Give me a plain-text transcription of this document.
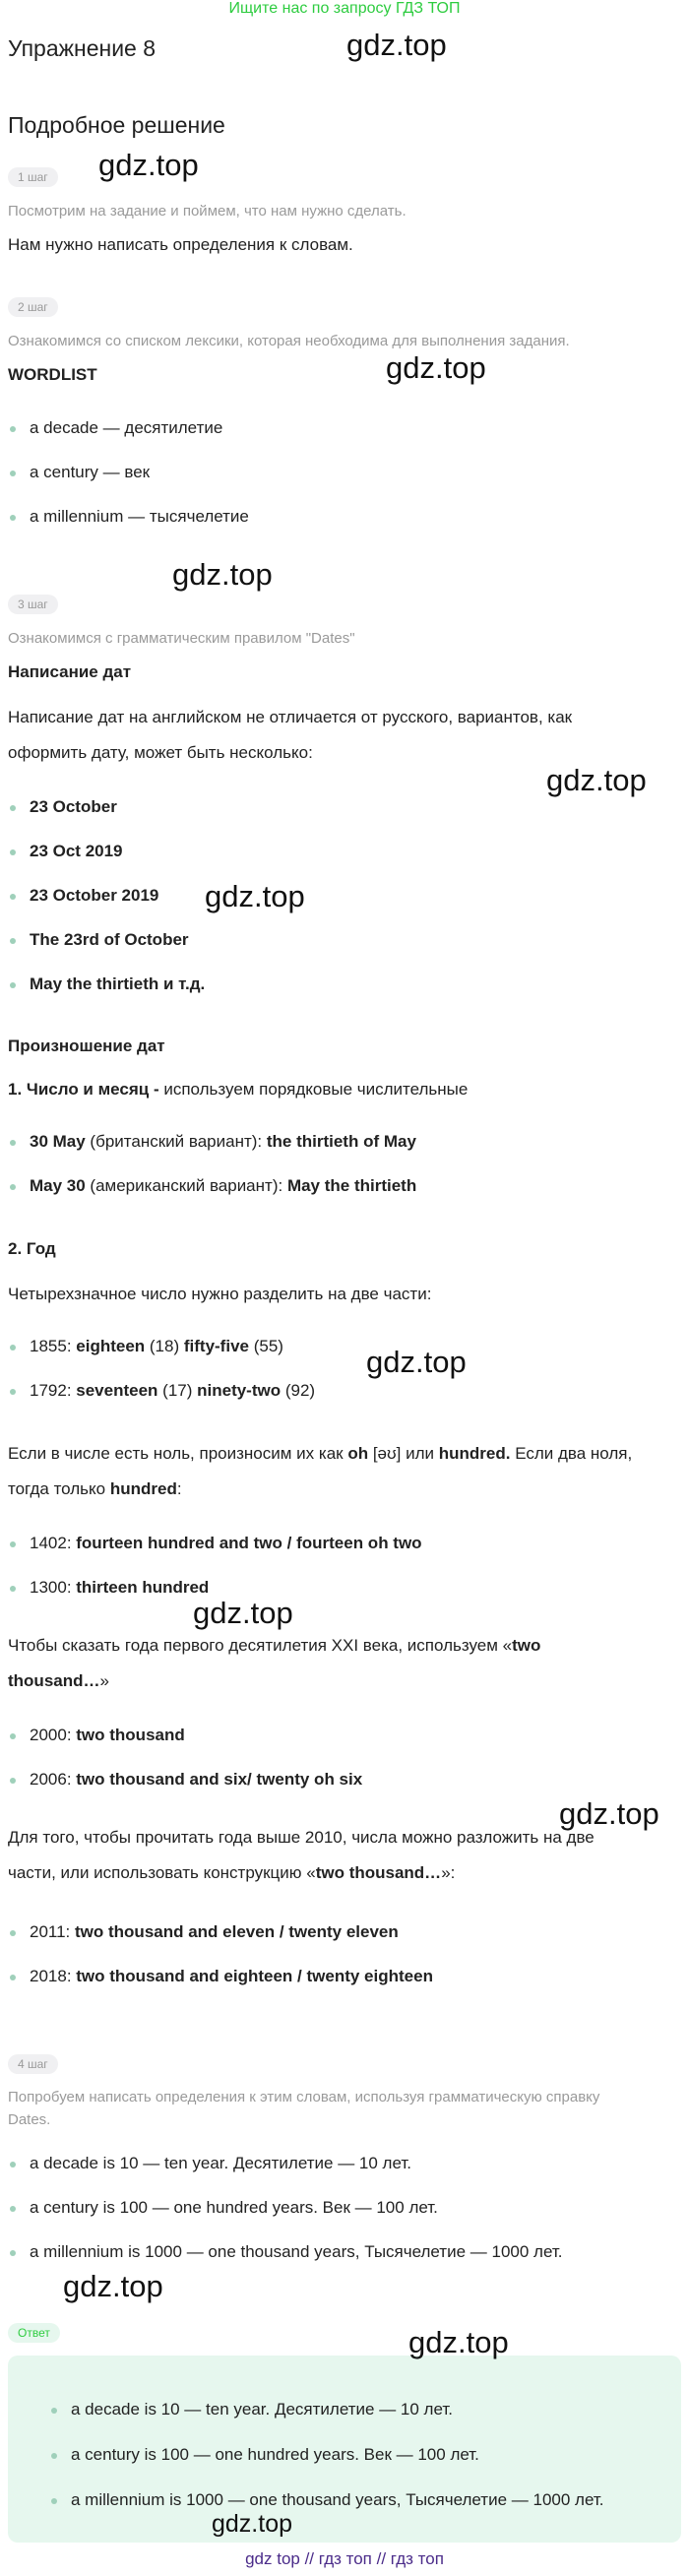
Ищите нас по запросу ГДЗ ТОП
Упражнение 8
Подробное решение
1 шаг
Посмотрим на задание и поймем, что нам нужно сделать.
Нам нужно написать определения к словам.
2 шаг
Ознакомимся со списком лексики, которая необходима для выполнения задания.
WORDLIST
a decade — десятилетие
a century — век
a millennium — тысячелетие
3 шаг
Ознакомимся с грамматическим правилом "Dates"
Написание дат
Написание дат на английском не отличается от русского, вариантов, как
оформить дату, может быть несколько:
23 October
23 Oct 2019
23 October 2019
The 23rd of October
May the thirtieth и т.д.
Произношение дат
1. Число и месяц - используем порядковые числительные
30 May (британский вариант): the thirtieth of May
May 30 (американский вариант): May the thirtieth
2. Год
Четырехзначное число нужно разделить на две части:
1855: eighteen (18) fifty-five (55)
1792: seventeen (17) ninety-two (92)
Если в числе есть ноль, произносим их как oh [əʊ] или hundred. Если два ноля,
тогда только hundred:
1402: fourteen hundred and two / fourteen oh two
1300: thirteen hundred
Чтобы сказать года первого десятилетия XXI века, используем «two
thousand…»
2000: two thousand
2006: two thousand and six/ twenty oh six
Для того, чтобы прочитать года выше 2010, числа можно разложить на две
части, или использовать конструкцию «two thousand…»:
2011: two thousand and eleven / twenty eleven
2018: two thousand and eighteen / twenty eighteen
4 шаг
Попробуем написать определения к этим словам, используя грамматическую справку
Dates.
a decade is 10 — ten year. Десятилетие — 10 лет.
a century is 100 — one hundred years. Век — 100 лет.
a millennium is 1000 — one thousand years, Тысячелетие — 1000 лет.
Ответ
a decade is 10 — ten year. Десятилетие — 10 лет.
a century is 100 — one hundred years. Век — 100 лет.
a millennium is 1000 — one thousand years, Тысячелетие — 1000 лет.
gdz.top
gdz.top
gdz.top
gdz.top
gdz.top
gdz.top
gdz.top
gdz.top
gdz.top
gdz.top
gdz.top
gdz.top
gdz top // гдз топ // гдз топ
